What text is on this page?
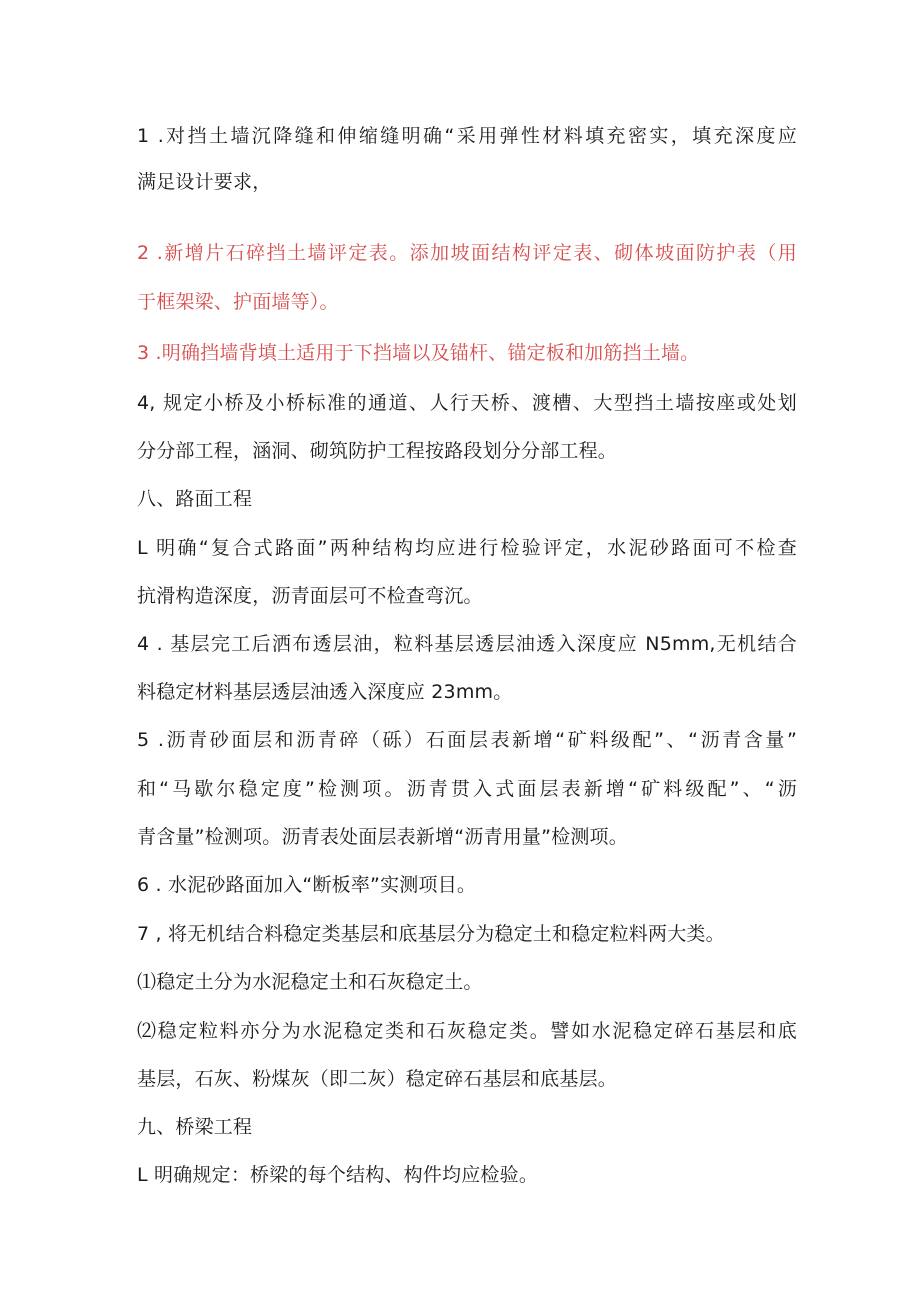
1 .对挡土墙沉降缝和伸缩缝明确“采用弹性材料填充密实，填充深度应
满足设计要求，
2 .新增片石碎挡土墙评定表。添加坡面结构评定表、砌体坡面防护表（用
于框架梁、护面墙等）。
3 .明确挡墙背填土适用于下挡墙以及锚杆、锚定板和加筋挡土墙。
4, 规定小桥及小桥标准的通道、人行天桥、渡槽、大型挡土墙按座或处划
分分部工程，涵洞、砌筑防护工程按路段划分分部工程。
八、路面工程
L 明确“复合式路面”两种结构均应进行检验评定，水泥砂路面可不检查
抗滑构造深度，沥青面层可不检查弯沉。
4 . 基层完工后洒布透层油，粒料基层透层油透入深度应 N5mm,无机结合
料稳定材料基层透层油透入深度应 23mm。
5 .沥青砂面层和沥青碎（砾）石面层表新增“矿料级配”、“沥青含量”
和“马歇尔稳定度”检测项。沥青贯入式面层表新增“矿料级配”、“沥
青含量”检测项。沥青表处面层表新增“沥青用量”检测项。
6 . 水泥砂路面加入“断板率”实测项目。
7 , 将无机结合料稳定类基层和底基层分为稳定土和稳定粒料两大类。
⑴稳定土分为水泥稳定土和石灰稳定土。
⑵稳定粒料亦分为水泥稳定类和石灰稳定类。譬如水泥稳定碎石基层和底
基层，石灰、粉煤灰（即二灰）稳定碎石基层和底基层。
九、桥梁工程
L 明确规定：桥梁的每个结构、构件均应检验。
